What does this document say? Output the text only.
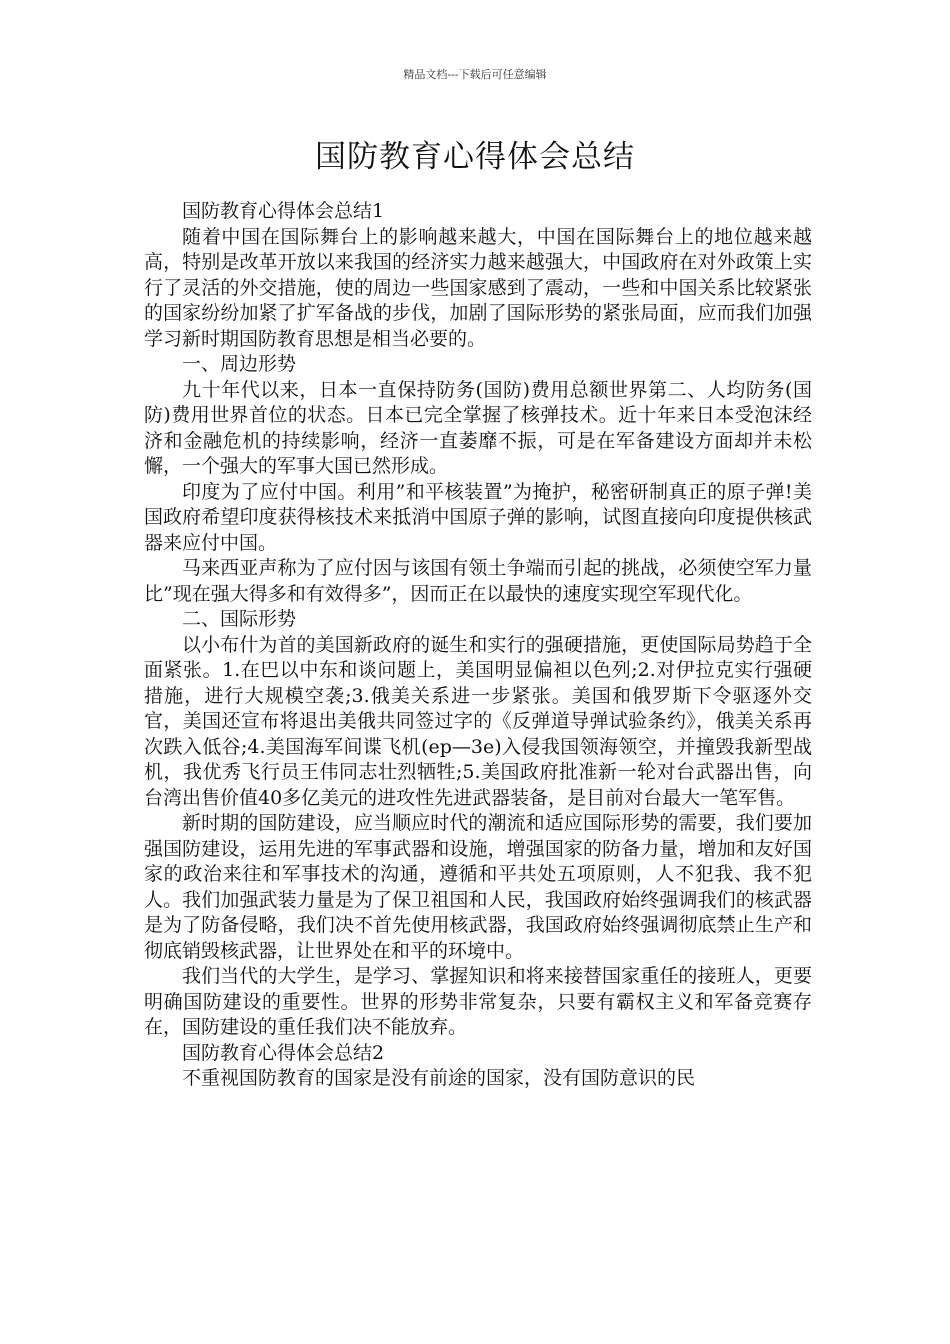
精品文档---下载后可任意编辑
国防教育心得体会总结

国防教育心得体会总结1

随着中国在国际舞台上的影响越来越大，中国在国际舞台上的地位越来越高，特别是改革开放以来我国的经济实力越来越强大，中国政府在对外政策上实行了灵活的外交措施，使的周边一些国家感到了震动，一些和中国关系比较紧张的国家纷纷加紧了扩军备战的步伐，加剧了国际形势的紧张局面，应而我们加强学习新时期国防教育思想是相当必要的。

一、周边形势

九十年代以来，日本一直保持防务(国防)费用总额世界第二、人均防务(国防)费用世界首位的状态。日本已完全掌握了核弹技术。近十年来日本受泡沫经济和金融危机的持续影响，经济一直萎靡不振，可是在军备建设方面却并未松懈，一个强大的军事大国已然形成。

印度为了应付中国。利用”和平核装置”为掩护，秘密研制真正的原子弹!美国政府希望印度获得核技术来抵消中国原子弹的影响，试图直接向印度提供核武器来应付中国。

马来西亚声称为了应付因与该国有领土争端而引起的挑战，必须使空军力量比”现在强大得多和有效得多”，因而正在以最快的速度实现空军现代化。

二、国际形势

以小布什为首的美国新政府的诞生和实行的强硬措施，更使国际局势趋于全面紧张。1.在巴以中东和谈问题上，美国明显偏袒以色列;2.对伊拉克实行强硬措施，进行大规模空袭;3.俄美关系进一步紧张。美国和俄罗斯下令驱逐外交官，美国还宣布将退出美俄共同签过字的《反弹道导弹试验条约》，俄美关系再次跌入低谷;4.美国海军间谍飞机(ep—3e)入侵我国领海领空，并撞毁我新型战机，我优秀飞行员王伟同志壮烈牺牲;5.美国政府批准新一轮对台武器出售，向台湾出售价值40多亿美元的进攻性先进武器装备，是目前对台最大一笔军售。

新时期的国防建设，应当顺应时代的潮流和适应国际形势的需要，我们要加强国防建设，运用先进的军事武器和设施，增强国家的防备力量，增加和友好国家的政治来往和军事技术的沟通，遵循和平共处五项原则，人不犯我、我不犯人。我们加强武装力量是为了保卫祖国和人民，我国政府始终强调我们的核武器是为了防备侵略，我们决不首先使用核武器，我国政府始终强调彻底禁止生产和彻底销毁核武器，让世界处在和平的环境中。

我们当代的大学生，是学习、掌握知识和将来接替国家重任的接班人，更要明确国防建设的重要性。世界的形势非常复杂，只要有霸权主义和军备竞赛存在，国防建设的重任我们决不能放弃。

国防教育心得体会总结2

不重视国防教育的国家是没有前途的国家，没有国防意识的民
